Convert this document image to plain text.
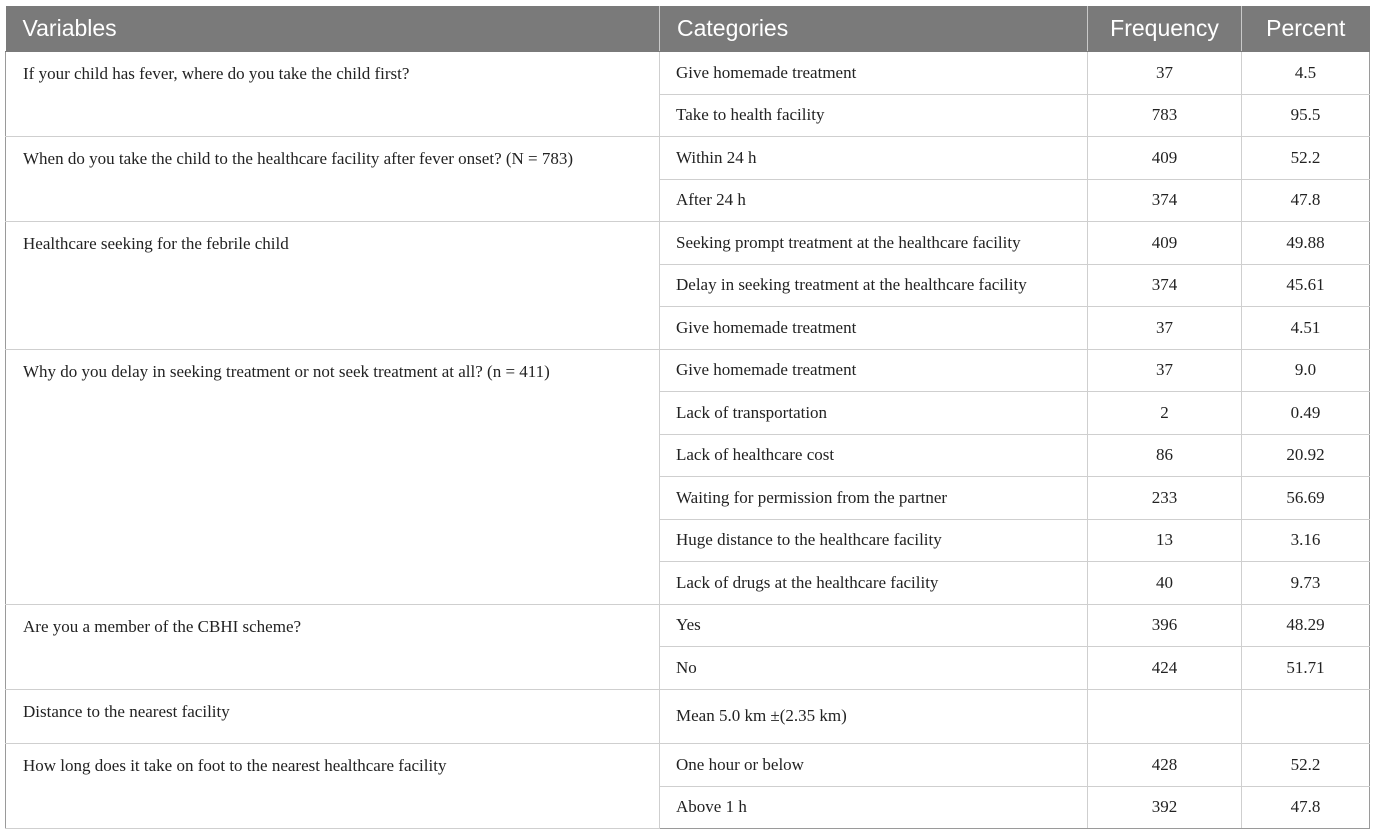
Variables	Categories	Frequency	Percent
If your child has fever, where do you take the child first?	Give homemade treatment	37	4.5
	Take to health facility	783	95.5
When do you take the child to the healthcare facility after fever onset? (N = 783)	Within 24 h	409	52.2
	After 24 h	374	47.8
Healthcare seeking for the febrile child	Seeking prompt treatment at the healthcare facility	409	49.88
	Delay in seeking treatment at the healthcare facility	374	45.61
	Give homemade treatment	37	4.51
Why do you delay in seeking treatment or not seek treatment at all? (n = 411)	Give homemade treatment	37	9.0
	Lack of transportation	2	0.49
	Lack of healthcare cost	86	20.92
	Waiting for permission from the partner	233	56.69
	Huge distance to the healthcare facility	13	3.16
	Lack of drugs at the healthcare facility	40	9.73
Are you a member of the CBHI scheme?	Yes	396	48.29
	No	424	51.71
Distance to the nearest facility	Mean 5.0 km ±(2.35 km)		
How long does it take on foot to the nearest healthcare facility	One hour or below	428	52.2
	Above 1 h	392	47.8
